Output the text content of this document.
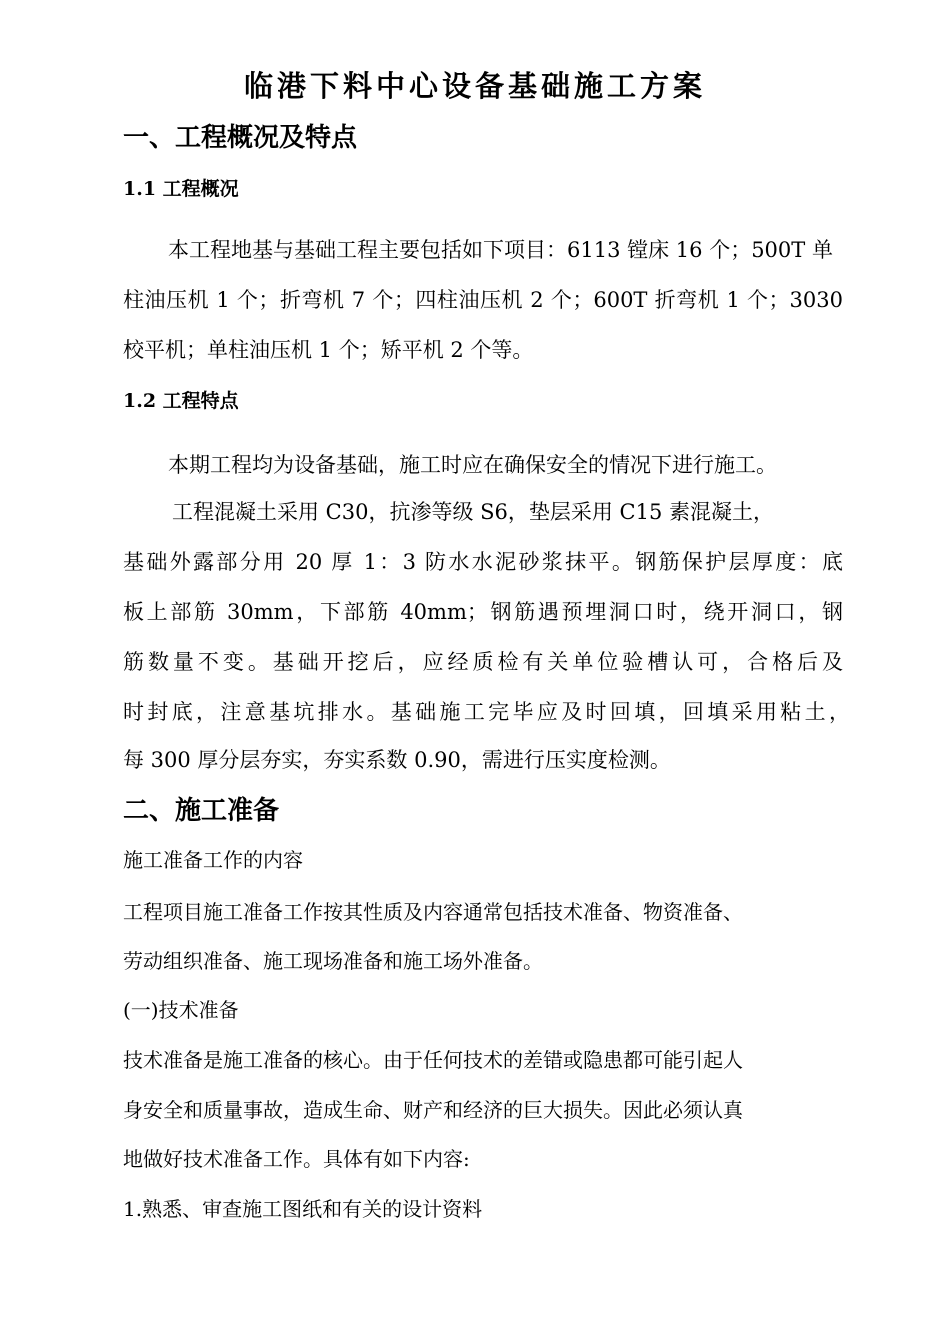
临港下料中心设备基础施工方案
一、工程概况及特点
1.1 工程概况
本工程地基与基础工程主要包括如下项目：6113 镗床 16 个；500T 单
柱油压机 1 个；折弯机 7 个；四柱油压机 2 个；600T 折弯机 1 个；3030
校平机；单柱油压机 1 个；矫平机 2 个等。
1.2 工程特点
本期工程均为设备基础，施工时应在确保安全的情况下进行施工。
工程混凝土采用 C30，抗渗等级 S6，垫层采用 C15 素混凝土，
基础外露部分用 20 厚 1：3 防水水泥砂浆抹平。钢筋保护层厚度：底
板上部筋 30mm，下部筋 40mm；钢筋遇预埋洞口时，绕开洞口，钢
筋数量不变。基础开挖后，应经质检有关单位验槽认可，合格后及
时封底，注意基坑排水。基础施工完毕应及时回填，回填采用粘土，
每 300 厚分层夯实，夯实系数 0.90，需进行压实度检测。
二、施工准备
施工准备工作的内容
工程项目施工准备工作按其性质及内容通常包括技术准备、物资准备、
劳动组织准备、施工现场准备和施工场外准备。
(一)技术准备
技术准备是施工准备的核心。由于任何技术的差错或隐患都可能引起人
身安全和质量事故，造成生命、财产和经济的巨大损失。因此必须认真
地做好技术准备工作。具体有如下内容:
1.熟悉、审查施工图纸和有关的设计资料
